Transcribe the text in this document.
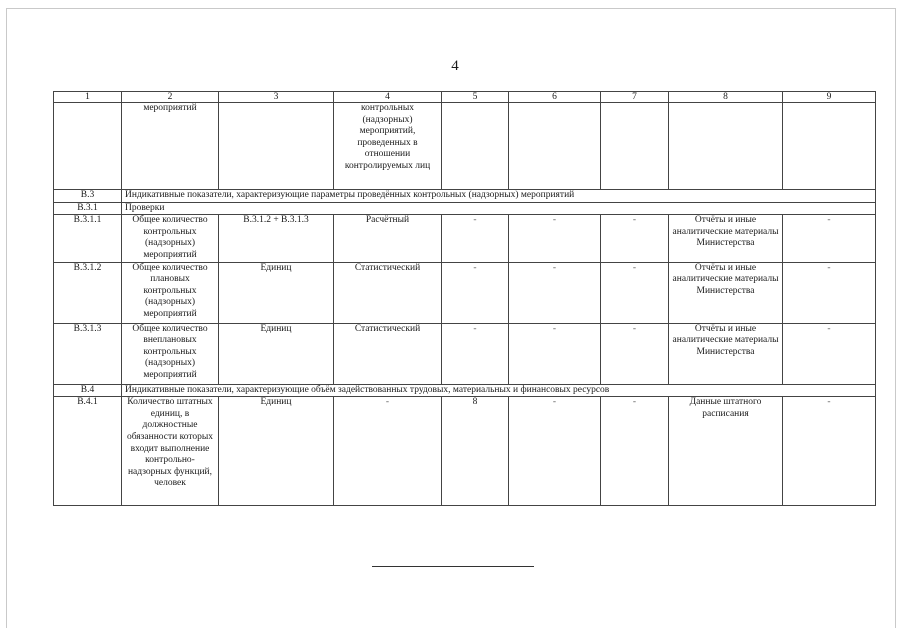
4
1	2	3	4	5	6	7	8	9
	мероприятий		контрольных (надзорных) мероприятий, проведенных в отношении контролируемых лиц					
В.3	Индикативные показатели, характеризующие параметры проведённых контрольных (надзорных) мероприятий							
В.3.1	Проверки							
В.3.1.1	Общее количество контрольных (надзорных) мероприятий	В.3.1.2 + В.3.1.3	Расчётный	-	-	-	Отчёты и иные аналитические материалы Министерства	-
В.3.1.2	Общее количество плановых контрольных (надзорных) мероприятий	Единиц	Статистический	-	-	-	Отчёты и иные аналитические материалы Министерства	-
В.3.1.3	Общее количество внеплановых контрольных (надзорных) мероприятий	Единиц	Статистический	-	-	-	Отчёты и иные аналитические материалы Министерства	-
В.4	Индикативные показатели, характеризующие объём задействованных трудовых, материальных и финансовых ресурсов							
В.4.1	Количество штатных единиц, в должностные обязанности которых входит выполнение контрольно-надзорных функций, человек	Единиц	-	8	-	-	Данные штатного расписания	-
